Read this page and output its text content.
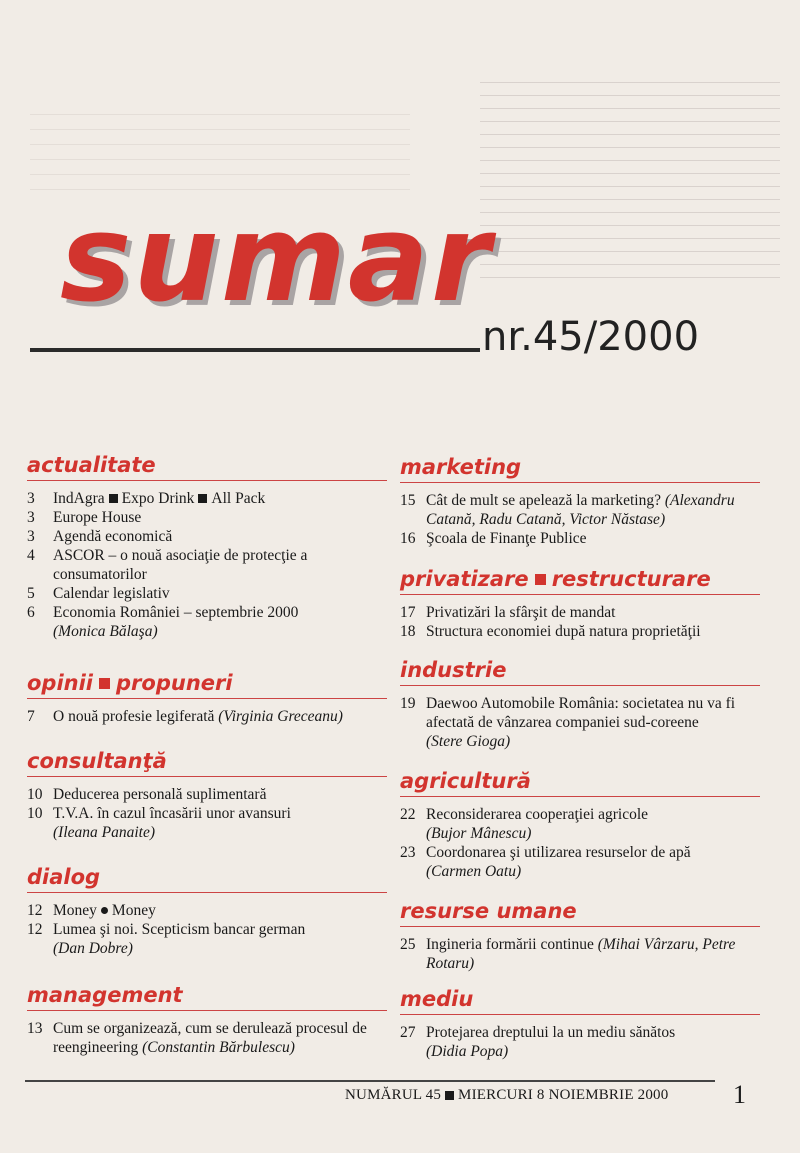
sumar
nr.45/2000
actualitate
3	IndAgra Expo Drink All Pack
3	Europe House
3	Agendă economică
4	ASCOR – o nouă asociaţie de protecţie a consumatorilor
5	Calendar legislativ
6	Economia României – septembrie 2000
(Monica Bălaşa)
opinii propuneri
7	O nouă profesie legiferată (Virginia Greceanu)
consultanţă
10 Deducerea personală suplimentară
10 T.V.A. în cazul încasării unor avansuri
(Ileana Panaite)
dialog
12 Money Money
12 Lumea şi noi. Scepticism bancar german
(Dan Dobre)
management
13 Cum se organizează, cum se derulează procesul de reengineering (Constantin Bărbulescu)
marketing
15 Cât de mult se apelează la marketing? (Alexandru Catană, Radu Catană, Victor Năstase)
16 Şcoala de Finanţe Publice
privatizare restructurare
17 Privatizări la sfârşit de mandat
18 Structura economiei după natura proprietăţii
industrie
19 Daewoo Automobile România: societatea nu va fi afectată de vânzarea companiei sud-coreene
(Stere Gioga)
agricultură
22 Reconsiderarea cooperaţiei agricole
(Bujor Mânescu)
23 Coordonarea şi utilizarea resurselor de apă
(Carmen Oatu)
resurse umane
25 Ingineria formării continue (Mihai Vârzaru, Petre Rotaru)
mediu
27 Protejarea dreptului la un mediu sănătos
(Didia Popa)
NUMĂRUL 45 MIERCURI 8 NOIEMBRIE 2000 1
